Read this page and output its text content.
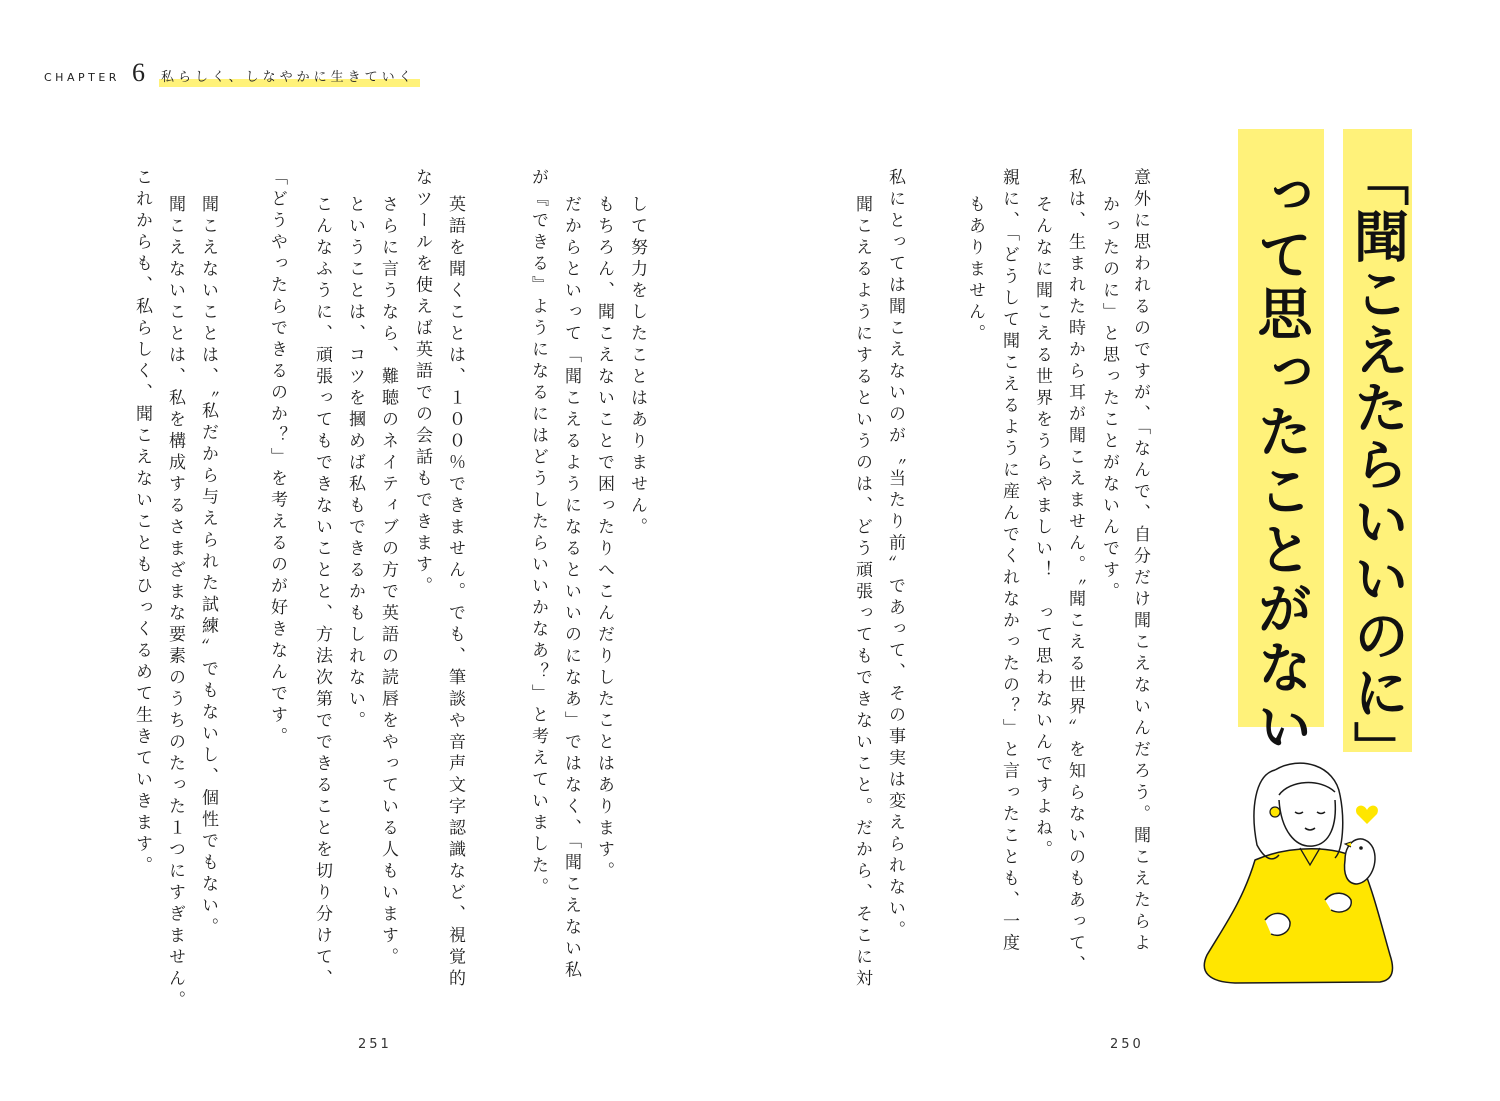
CHAPTER 6 私らしく、しなやかに生きていく
「聞こえたらいいのに」
って思ったことがない
意外に思われるのですが、「なんで、自分だけ聞こえないんだろう。聞こえたらよ
かったのに」と思ったことがないんです。
私は、生まれた時から耳が聞こえません。〝聞こえる世界〟を知らないのもあって、
そんなに聞こえる世界をうらやましい！　って思わないんですよね。
親に、「どうして聞こえるように産んでくれなかったの？」と言ったことも、一度
もありません。
私にとっては聞こえないのが〝当たり前〟であって、その事実は変えられない。
聞こえるようにするというのは、どう頑張ってもできないこと。だから、そこに対
して努力をしたことはありません。
もちろん、聞こえないことで困ったりへこんだりしたことはあります。
だからといって「聞こえるようになるといいのになあ」ではなく、「聞こえない私
が『できる』ようになるにはどうしたらいいかなあ？」と考えていました。
英語を聞くことは、１００％できません。でも、筆談や音声文字認識など、視覚的
なツールを使えば英語での会話もできます。
さらに言うなら、難聴のネイティブの方で英語の読唇をやっている人もいます。
ということは、コツを摑めば私もできるかもしれない。
こんなふうに、頑張ってもできないことと、方法次第でできることを切り分けて、
「どうやったらできるのか？」を考えるのが好きなんです。
聞こえないことは、〝私だから与えられた試練〟でもないし、個性でもない。
聞こえないことは、私を構成するさまざまな要素のうちのたった１つにすぎません。
これからも、私らしく、聞こえないこともひっくるめて生きていきます。
250
251
